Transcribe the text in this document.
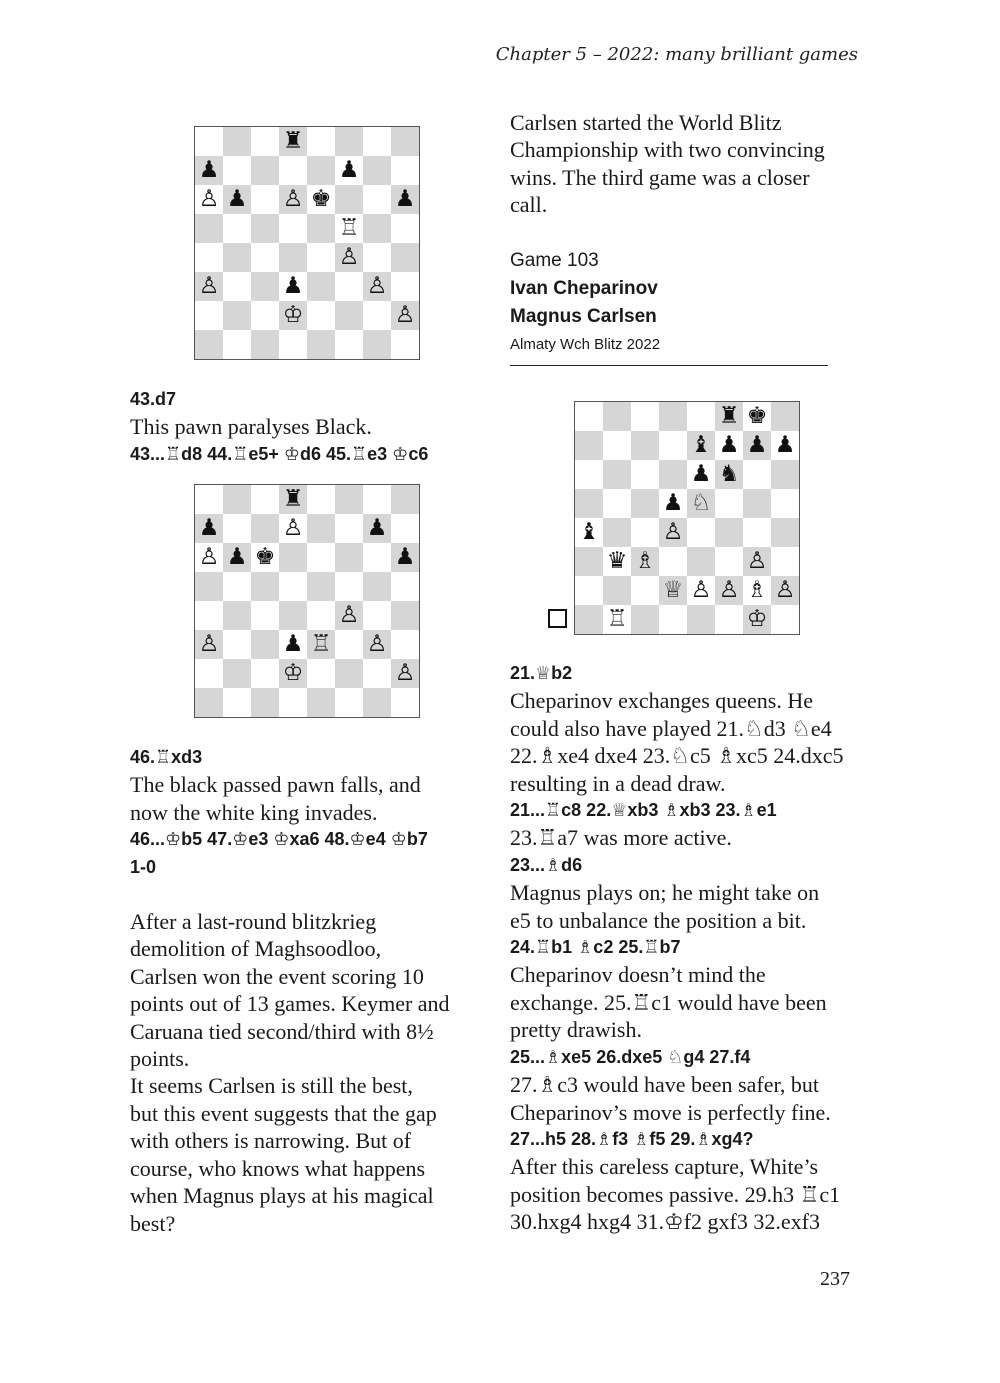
Chapter 5 – 2022: many brilliant games
♜
♟	♟
♙ ♟ ♙ ♚	♟
♖
♙
♙	♟	♙
♔	♙
♜
♟	♙	♟
♙ ♟ ♚	♟
♙
♙	♟ ♖ ♙
♔	♙
♜ ♚
♝ ♟ ♟ ♟
♟ ♞
♟ ♘
♝	♙
♛ ♗	♙
♕ ♙ ♙ ♗ ♙
♖	♔

43.d7

This pawn paralyses Black.

43...♖d8 44.♖e5+ ♔d6 45.♖e3 ♔c6

46.♖xd3

The black passed pawn falls, and

now the white king invades.

46...♔b5 47.♔e3 ♔xa6 48.♔e4 ♔b7

1-0

After a last-round blitzkrieg

demolition of Maghsoodloo,

Carlsen won the event scoring 10

points out of 13 games. Keymer and

Caruana tied second/third with 8½

points.

It seems Carlsen is still the best,

but this event suggests that the gap

with others is narrowing. But of

course, who knows what happens

when Magnus plays at his magical

best?

Carlsen started the World Blitz

Championship with two convincing

wins. The third game was a closer

call.

Game 103

Ivan Cheparinov

Magnus Carlsen

Almaty Wch Blitz 2022

21.♕b2

Cheparinov exchanges queens. He

could also have played 21.♘d3 ♘e4

22.♗xe4 dxe4 23.♘c5 ♗xc5 24.dxc5

resulting in a dead draw.

21...♖c8 22.♕xb3 ♗xb3 23.♗e1

23.♖a7 was more active.

23...♗d6

Magnus plays on; he might take on

e5 to unbalance the position a bit.

24.♖b1 ♗c2 25.♖b7

Cheparinov doesn’t mind the

exchange. 25.♖c1 would have been

pretty drawish.

25...♗xe5 26.dxe5 ♘g4 27.f4

27.♗c3 would have been safer, but

Cheparinov’s move is perfectly fine.

27...h5 28.♗f3 ♗f5 29.♗xg4?

After this careless capture, White’s

position becomes passive. 29.h3 ♖c1

30.hxg4 hxg4 31.♔f2 gxf3 32.exf3

237
